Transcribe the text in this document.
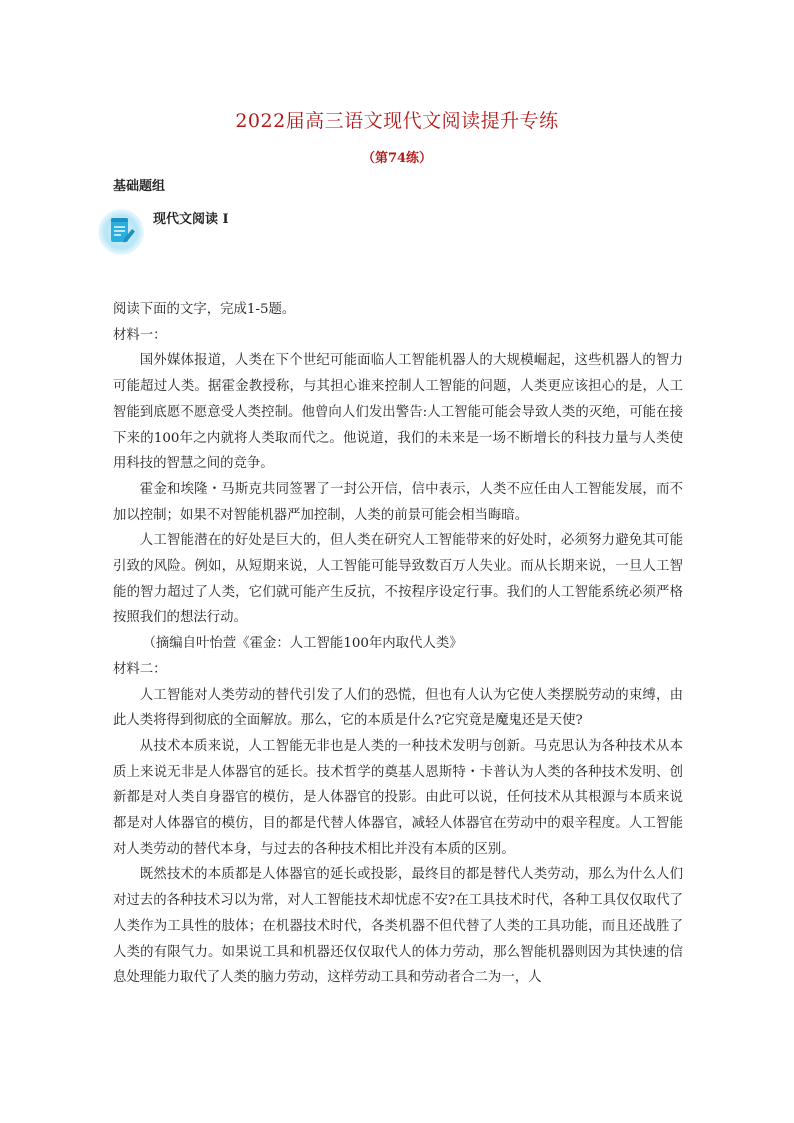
2022届高三语文现代文阅读提升专练
（第74练）
基础题组
现代文阅读 I

阅读下面的文字，完成1-5题。

材料一：

国外媒体报道，人类在下个世纪可能面临人工智能机器人的大规模崛起，这些机器人的智力可能超过人类。据霍金教授称，与其担心谁来控制人工智能的问题，人类更应该担心的是，人工智能到底愿不愿意受人类控制。他曾向人们发出警告:人工智能可能会导致人类的灭绝，可能在接下来的100年之内就将人类取而代之。他说道，我们的未来是一场不断增长的科技力量与人类使用科技的智慧之间的竞争。

霍金和埃隆・马斯克共同签署了一封公开信，信中表示，人类不应任由人工智能发展，而不加以控制；如果不对智能机器严加控制，人类的前景可能会相当晦暗。

人工智能潜在的好处是巨大的，但人类在研究人工智能带来的好处时，必须努力避免其可能引致的风险。例如，从短期来说，人工智能可能导致数百万人失业。而从长期来说，一旦人工智能的智力超过了人类，它们就可能产生反抗，不按程序设定行事。我们的人工智能系统必须严格按照我们的想法行动。

（摘编自叶怡萱《霍金：人工智能100年内取代人类》

材料二：

人工智能对人类劳动的替代引发了人们的恐慌，但也有人认为它使人类摆脱劳动的束缚，由此人类将得到彻底的全面解放。那么，它的本质是什么?它究竟是魔鬼还是天使?

从技术本质来说，人工智能无非也是人类的一种技术发明与创新。马克思认为各种技术从本质上来说无非是人体器官的延长。技术哲学的奠基人恩斯特・卡普认为人类的各种技术发明、创新都是对人类自身器官的模仿，是人体器官的投影。由此可以说，任何技术从其根源与本质来说都是对人体器官的模仿，目的都是代替人体器官，减轻人体器官在劳动中的艰辛程度。人工智能对人类劳动的替代本身，与过去的各种技术相比并没有本质的区别。

既然技术的本质都是人体器官的延长或投影，最终目的都是替代人类劳动，那么为什么人们对过去的各种技术习以为常，对人工智能技术却忧虑不安?在工具技术时代，各种工具仅仅取代了人类作为工具性的肢体；在机器技术时代，各类机器不但代替了人类的工具功能，而且还战胜了人类的有限气力。如果说工具和机器还仅仅取代人的体力劳动，那么智能机器则因为其快速的信息处理能力取代了人类的脑力劳动，这样劳动工具和劳动者合二为一，人
